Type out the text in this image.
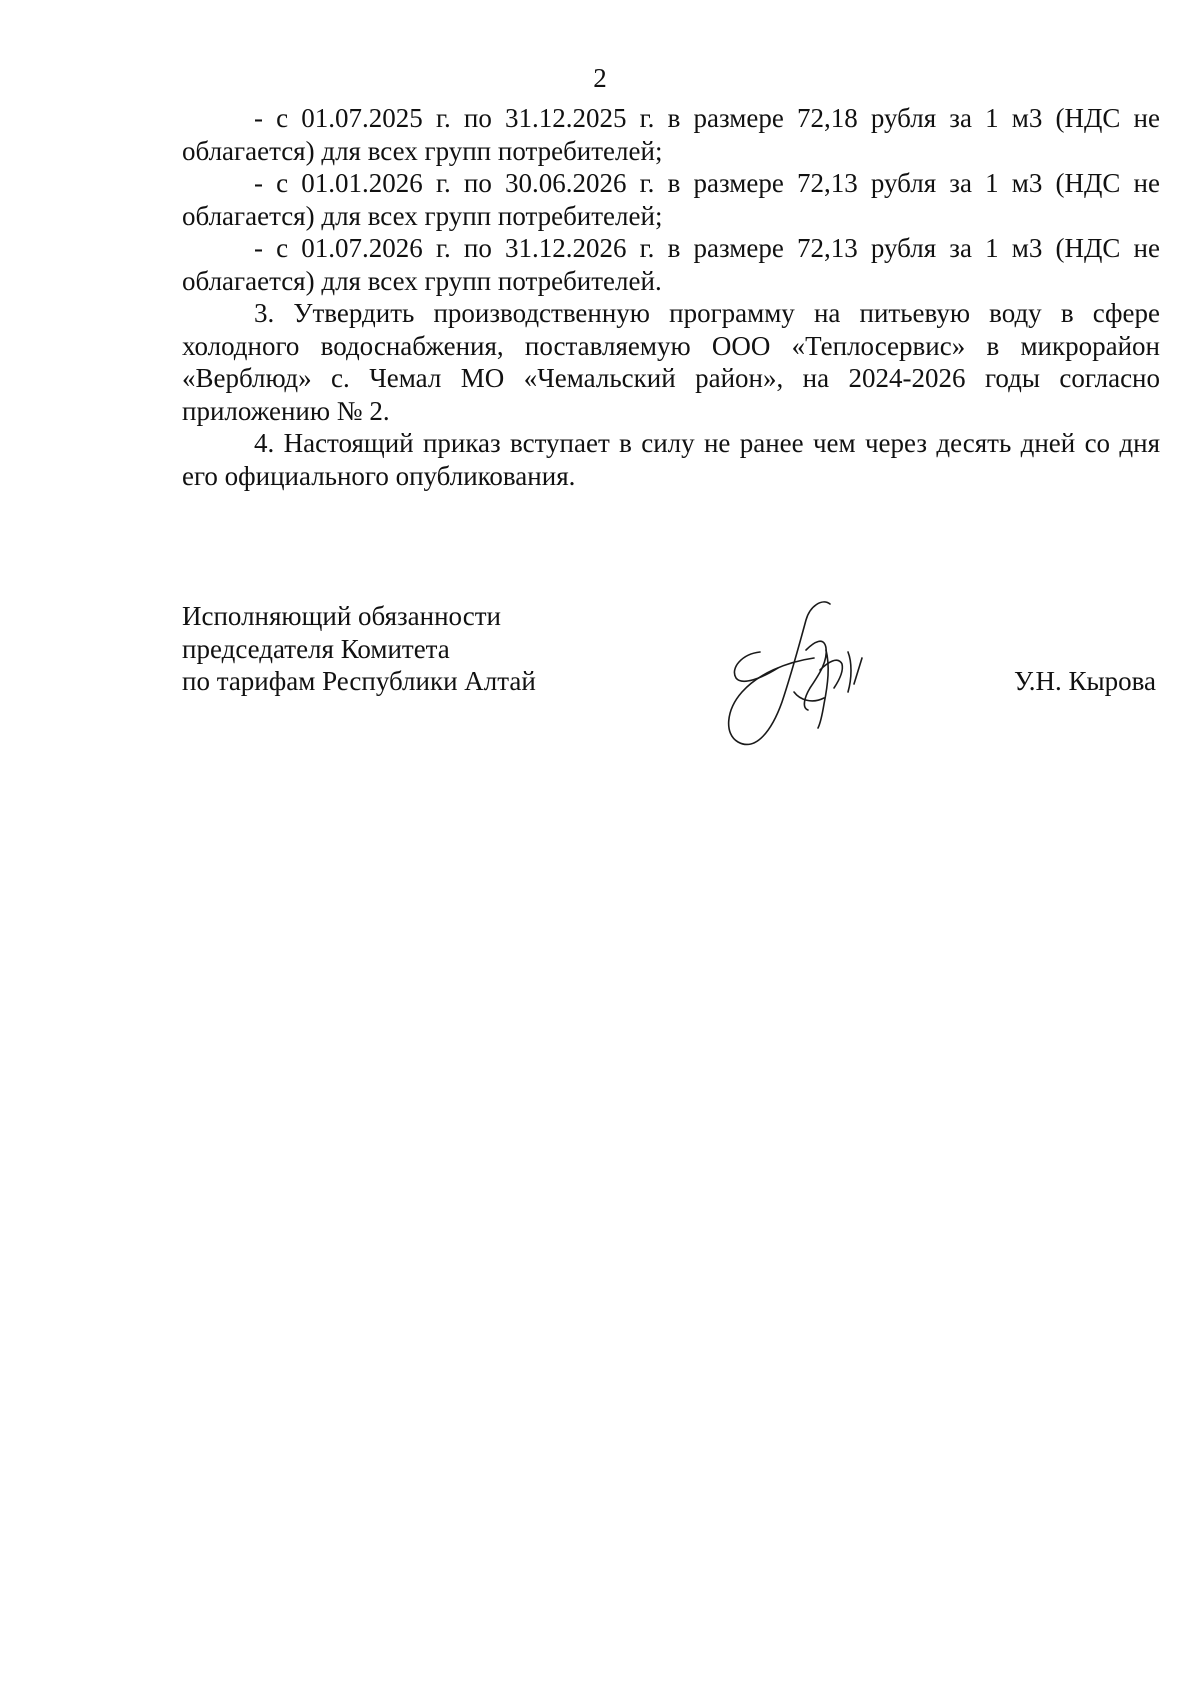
2

- с 01.07.2025 г. по 31.12.2025 г. в размере 72,18 рубля за 1 м3 (НДС не облагается) для всех групп потребителей;

- с 01.01.2026 г. по 30.06.2026 г. в размере 72,13 рубля за 1 м3 (НДС не облагается) для всех групп потребителей;

- с 01.07.2026 г. по 31.12.2026 г. в размере 72,13 рубля за 1 м3 (НДС не облагается) для всех групп потребителей.

3. Утвердить производственную программу на питьевую воду в сфере холодного водоснабжения, поставляемую ООО «Теплосервис» в микрорайон «Верблюд» с. Чемал МО «Чемальский район», на 2024-2026 годы согласно приложению № 2.

4. Настоящий приказ вступает в силу не ранее чем через десять дней со дня его официального опубликования.

Исполняющий обязанности
председателя Комитета
по тарифам Республики Алтай	У.Н. Кырова
